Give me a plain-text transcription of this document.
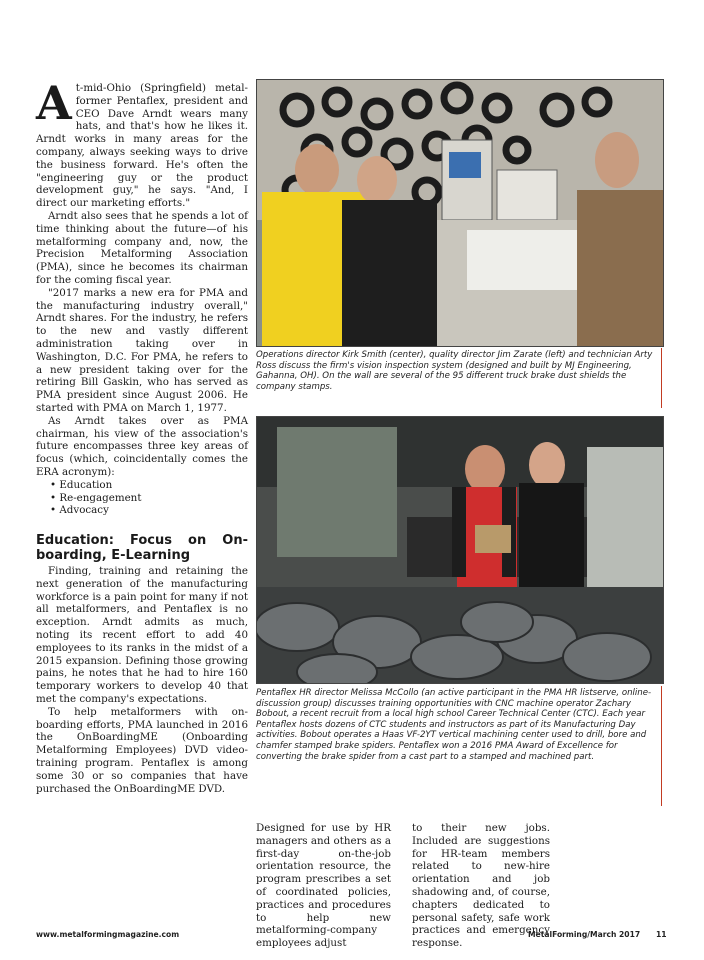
At-mid-Ohio (Springfield) metal-former Pentaflex, president and CEO Dave Arndt wears many hats, and that's how he likes it. Arndt works in many areas for the company, always seeking ways to drive the business forward. He's often the "engineering guy or the product development guy," he says. "And, I direct our marketing efforts."

Arndt also sees that he spends a lot of time thinking about the future—of his metalforming company and, now, the Precision Metalforming Association (PMA), since he becomes its chairman for the coming fiscal year.

"2017 marks a new era for PMA and the manufacturing industry overall," Arndt shares. For the industry, he refers to the new and vastly different administration taking over in Washington, D.C. For PMA, he refers to a new president taking over for the retiring Bill Gaskin, who has served as PMA president since August 2006. He started with PMA on March 1, 1977.

As Arndt takes over as PMA chairman, his view of the association's future encompasses three key areas of focus (which, coincidentally comes the ERA acronym):

• Education
• Re-engagement
• Advocacy
Education: Focus on On-boarding, E-Learning

Finding, training and retaining the next generation of the manufacturing workforce is a pain point for many if not all metalformers, and Pentaflex is no exception. Arndt admits as much, noting its recent effort to add 40 employees to its ranks in the midst of a 2015 expansion. Defining those growing pains, he notes that he had to hire 160 temporary workers to develop 40 that met the company's expectations.

To help metalformers with on-boarding efforts, PMA launched in 2016 the OnBoardingME (Onboarding Metalforming Employees) DVD video-training program. Pentaflex is among some 30 or so companies that have purchased the OnBoardingME DVD.

Operations director Kirk Smith (center), quality director Jim Zarate (left) and technician Arty Ross discuss the firm's vision inspection system (designed and built by MJ Engineering, Gahanna, OH). On the wall are several of the 95 different truck brake dust shields the company stamps.
Pentaflex HR director Melissa McCollo (an active participant in the PMA HR listserve, online-discussion group) discusses training opportunities with CNC machine operator Zachary Bobout, a recent recruit from a local high school Career Technical Center (CTC). Each year Pentaflex hosts dozens of CTC students and instructors as part of its Manufacturing Day activities. Bobout operates a Haas VF-2YT vertical machining center used to drill, bore and chamfer stamped brake spiders. Pentaflex won a 2016 PMA Award of Excellence for converting the brake spider from a cast part to a stamped and machined part.
Designed for use by HR managers and others as a first-day on-the-job orientation resource, the program prescribes a set of coordinated policies, practices and procedures to help new metalforming-company employees adjust
to their new jobs. Included are suggestions for HR-team members related to new-hire orientation and job shadowing and, of course, chapters dedicated to personal safety, safe work practices and emergency response.
www.metalformingmagazine.com	MetalForming/March 2017 11
